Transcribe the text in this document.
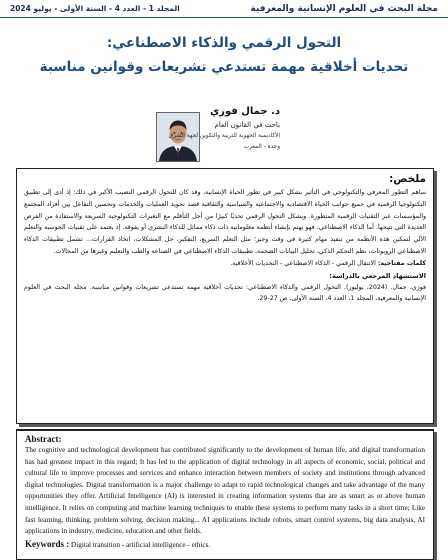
المجلد 1 - العدد 4 - السنة الأولى - يوليو 2024	مجلة البحث في العلوم الإنسانية والمعرفية
التحول الرقمي والذكاء الاصطناعي:
تحديات أخلاقية مهمة تستدعي تشريعات وقوانين مناسبة
د. جمال فوزي
باحث في القانون العام
الأكاديمية الجهوية للتربية والتكوين لجهة الشرق
وجدة - المغرب
ملخص:
ساهم التطور المعرفي والتكنولوجي في التأثير بشكل كبير في تطور الحياة الإنسانية، وقد كان للتحول الرقمي النصيب الأكبر في ذلك؛ إذ أدى إلى تطبيق التكنولوجيا الرقمية في جميع جوانب الحياة الاقتصادية والاجتماعية والسياسية والثقافية قصد تجويد العمليات والخدمات وتحسين التفاعل بين أفراد المجتمع والمؤسسات عبر التقنيات الرقمية المتطورة. ويشكل التحول الرقمي تحديًا كبيرًا من أجل التأقلم مع التغيرات التكنولوجية السريعة والاستفادة من الفرص العديدة التي تتيحها. أما الذكاء الاصطناعي، فهو يهتم بإنشاء أنظمة معلوماتية ذات ذكاء مماثل للذكاء البشري أو يفوقه. إذ يعتمد على تقنيات الحوسبة والتعلم الآلي لتمكين هذه الأنظمة من تنفيذ مهام كثيرة في وقت وجيز؛ مثل التعلم السريع، التفكير، حل المشكلات، اتخاذ القرارات... تشمل تطبيقات الذكاء الاصطناعي الروبوتات، نظم التحكم الذكي، تحليل البيانات الضخمة، تطبيقات الذكاء الاصطناعي في الصناعة والطب والتعليم وغيرها من المجالات.
كلمات مفتاحية: الانتقال الرقمي - الذكاء الاصطناعي - التحديات الأخلاقية.
الاستشهاد المرجعي بالدراسة:
فوزي، جمال. (2024، يوليوز). التحول الرقمي والذكاء الاصطناعي: تحديات أخلاقية مهمة تستدعي تشريعات وقوانين مناسبة. مجلة البحث في العلوم الإنسانية والمعرفية، المجلد 1، العدد 4، السنة الأولى، ص 27-29.
Abstract:
The cognitive and technological development has contributed significantly to the development of human life, and digital transformation has had greatest impact in this regard; It has led to the application of digital technology in all aspects of economic, social, political and cultural life to improve processes and services and enhance interaction between members of society and institutions through advanced digital technologies. Digital transformation is a major challenge to adapt to rapid technological changes and take advantage of the many opportunities they offer. Artificial Intelligence (AI) is interested in creating information systems that are as smart as or above human intelligence. It relies on computing and machine learning techniques to enable these systems to perform many tasks in a short time; Like fast learning, thinking, problem solving, decision making... AI applications include robots, smart control systems, big data analysis, AI applications in industry, medicine, education and other fields.
Keywords : Digital transition - artificial intelligence - ethics.
